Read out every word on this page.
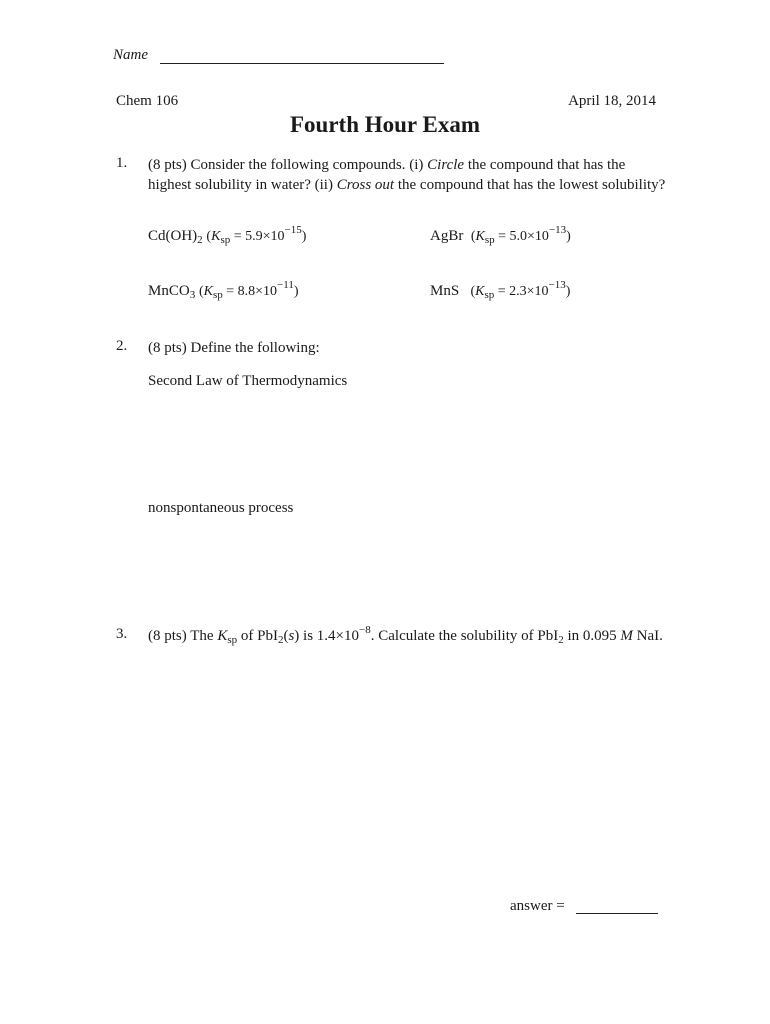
Name
Chem 106	April 18, 2014
Fourth Hour Exam
1. (8 pts) Consider the following compounds. (i) Circle the compound that has the highest solubility in water? (ii) Cross out the compound that has the lowest solubility?
$Cd(OH)_2$ $(K_{sp} = 5.9\times 10^{-15})$	AgBr $(K_{sp} = 5.0\times 10^{-13})$
MnCO$_3$ $(K_{sp} = 8.8\times 10^{-11})$	MnS $(K_{sp} = 2.3\times 10^{-13})$
2. (8 pts) Define the following:
Second Law of Thermodynamics
nonspontaneous process
3. (8 pts) The $K_{sp}$ of PbI$_2$(s) is $1.4\times 10^{-8}$. Calculate the solubility of PbI$_2$ in 0.095 M NaI.
answer =
